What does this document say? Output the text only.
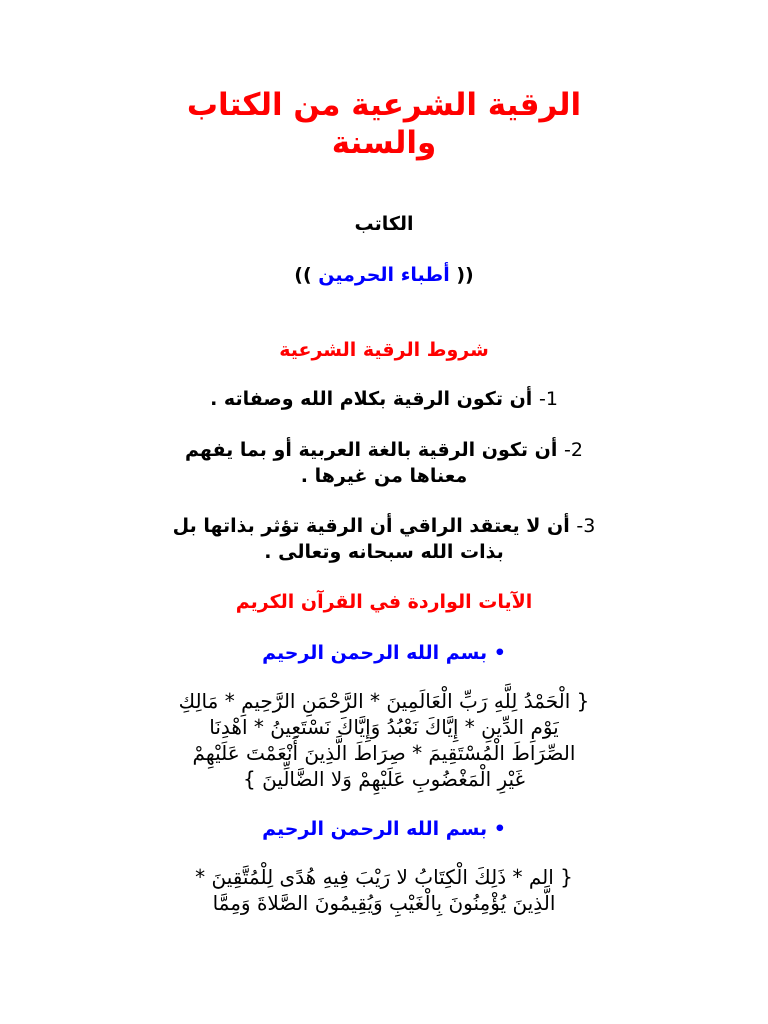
الرقية الشرعية من الكتاب
والسنة
الكاتب
(( أطباء الحرمين ))
شروط الرقية الشرعية
1- أن تكون الرقية بكلام الله وصفاته .
2- أن تكون الرقية بالغة العربية أو بما يفهم
معناها من غيرها .
3- أن لا يعتقد الراقي أن الرقية تؤثر بذاتها بل
بذات الله سبحانه وتعالى .
الآيات الواردة في القرآن الكريم
• بسم الله الرحمن الرحيم
{ الْحَمْدُ لِلَّهِ رَبِّ الْعَالَمِينَ * الرَّحْمَنِ الرَّحِيمِ * مَالِكِ
يَوْمِ الدِّينِ * إِيَّاكَ نَعْبُدُ وَإِيَّاكَ نَسْتَعِينُ * اهْدِنَا
الصِّرَاطَ الْمُسْتَقِيمَ * صِرَاطَ الَّذِينَ أَنْعَمْتَ عَلَيْهِمْ
غَيْرِ الْمَغْضُوبِ عَلَيْهِمْ وَلا الضَّالِّينَ }
• بسم الله الرحمن الرحيم
{ الم * ذَلِكَ الْكِتَابُ لا رَيْبَ فِيهِ هُدًى لِلْمُتَّقِينَ *
الَّذِينَ يُؤْمِنُونَ بِالْغَيْبِ وَيُقِيمُونَ الصَّلاةَ وَمِمَّا
